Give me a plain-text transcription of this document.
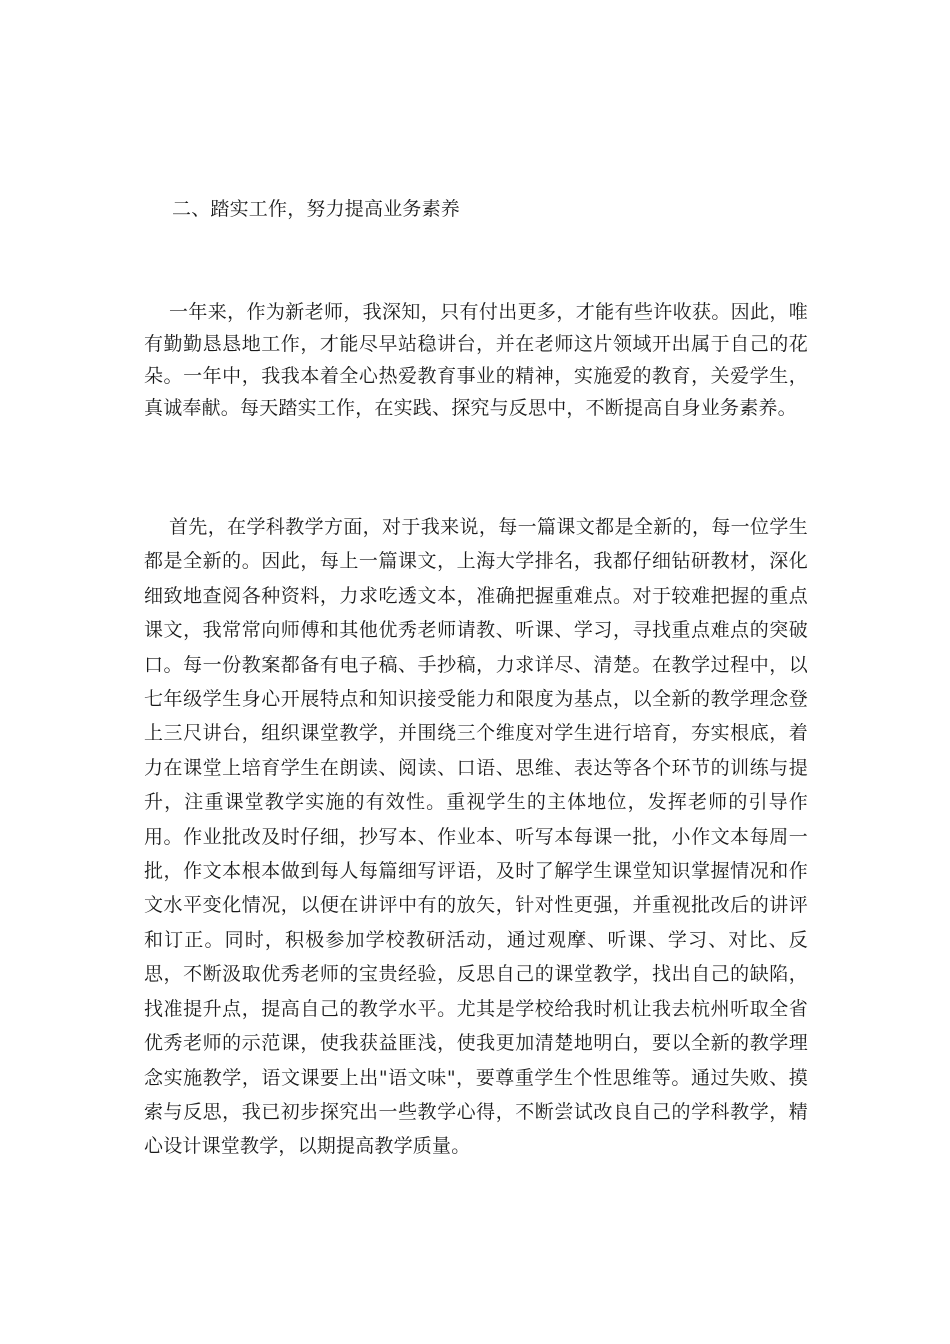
二、踏实工作，努力提高业务素养

一年来，作为新老师，我深知，只有付出更多，才能有些许收获。因此，唯有勤勤恳恳地工作，才能尽早站稳讲台，并在老师这片领域开出属于自己的花朵。一年中，我我本着全心热爱教育事业的精神，实施爱的教育，关爱学生，真诚奉献。每天踏实工作，在实践、探究与反思中，不断提高自身业务素养。

首先，在学科教学方面，对于我来说，每一篇课文都是全新的，每一位学生都是全新的。因此，每上一篇课文，上海大学排名，我都仔细钻研教材，深化细致地查阅各种资料，力求吃透文本，准确把握重难点。对于较难把握的重点课文，我常常向师傅和其他优秀老师请教、听课、学习，寻找重点难点的突破口。每一份教案都备有电子稿、手抄稿，力求详尽、清楚。在教学过程中，以七年级学生身心开展特点和知识接受能力和限度为基点，以全新的教学理念登上三尺讲台，组织课堂教学，并围绕三个维度对学生进行培育，夯实根底，着力在课堂上培育学生在朗读、阅读、口语、思维、表达等各个环节的训练与提升，注重课堂教学实施的有效性。重视学生的主体地位，发挥老师的引导作用。作业批改及时仔细，抄写本、作业本、听写本每课一批，小作文本每周一批，作文本根本做到每人每篇细写评语，及时了解学生课堂知识掌握情况和作文水平变化情况，以便在讲评中有的放矢，针对性更强，并重视批改后的讲评和订正。同时，积极参加学校教研活动，通过观摩、听课、学习、对比、反思，不断汲取优秀老师的宝贵经验，反思自己的课堂教学，找出自己的缺陷，找准提升点，提高自己的教学水平。尤其是学校给我时机让我去杭州听取全省优秀老师的示范课，使我获益匪浅，使我更加清楚地明白，要以全新的教学理念实施教学，语文课要上出"语文味"，要尊重学生个性思维等。通过失败、摸索与反思，我已初步探究出一些教学心得，不断尝试改良自己的学科教学，精心设计课堂教学，以期提高教学质量。
